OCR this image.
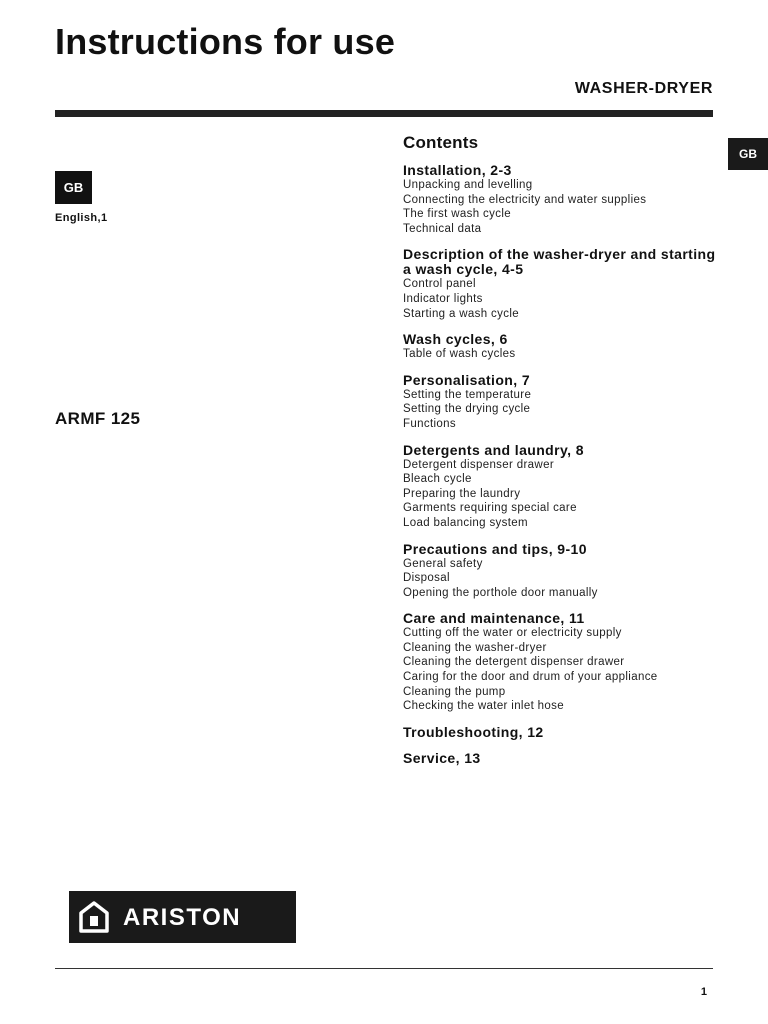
Instructions for use
WASHER-DRYER
GB
GB
English,1
ARMF 125
Contents
Installation, 2-3
Unpacking and levelling
Connecting the electricity and water supplies
The first wash cycle
Technical data
Description of the washer-dryer and starting a wash cycle, 4-5
Control panel
Indicator lights
Starting a wash cycle
Wash cycles, 6
Table of wash cycles
Personalisation, 7
Setting the temperature
Setting the drying cycle
Functions
Detergents and laundry, 8
Detergent dispenser drawer
Bleach cycle
Preparing the laundry
Garments requiring special care
Load balancing system
Precautions and tips, 9-10
General safety
Disposal
Opening the porthole door manually
Care and maintenance, 11
Cutting off the water or electricity supply
Cleaning the washer-dryer
Cleaning the detergent dispenser drawer
Caring for the door and drum of your appliance
Cleaning the pump
Checking the water inlet hose
Troubleshooting, 12
Service, 13
ARISTON
1
